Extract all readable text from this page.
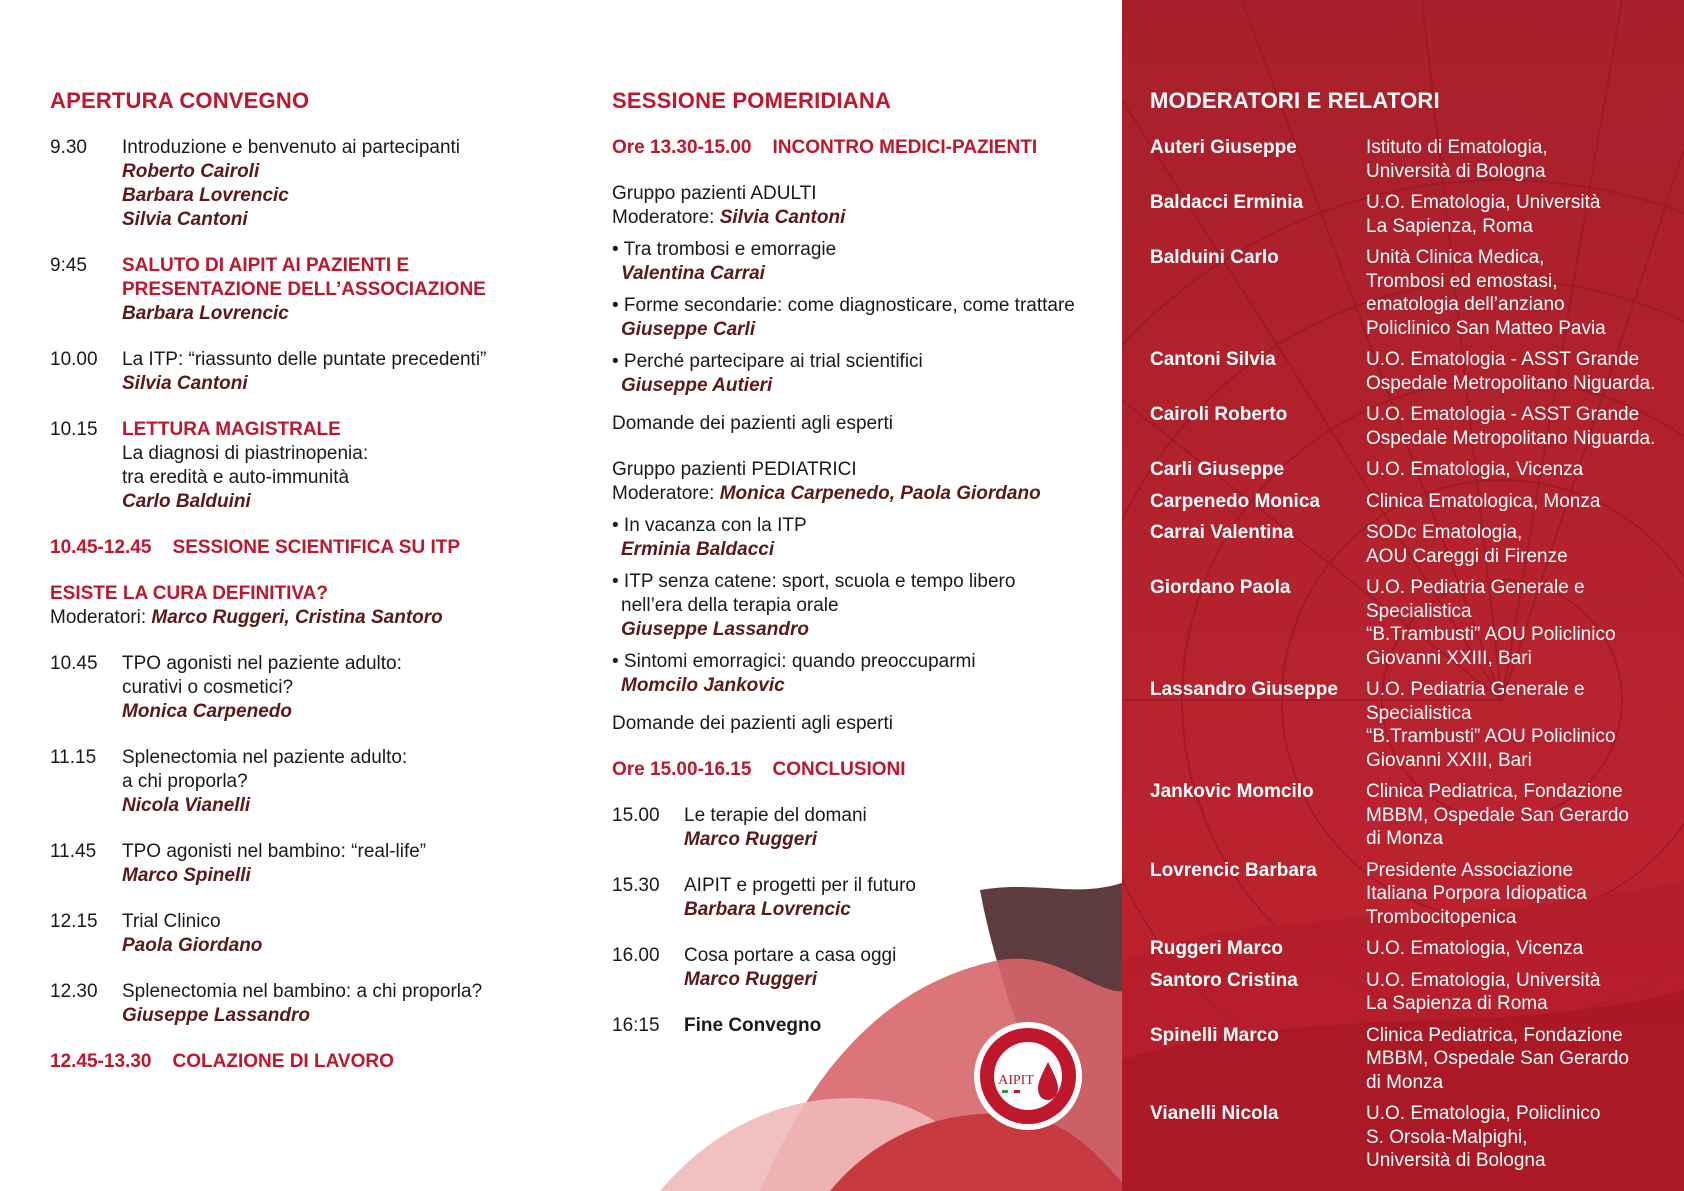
APERTURA CONVEGNO
9.30	Introduzione e benvenuto ai partecipanti
Roberto Cairoli
Barbara Lovrencic
Silvia Cantoni
9:45	SALUTO DI AIPIT AI PAZIENTI E PRESENTAZIONE DELL’ASSOCIAZIONE
Barbara Lovrencic
10.00	La ITP: “riassunto delle puntate precedenti”
Silvia Cantoni
10.15	LETTURA MAGISTRALE
La diagnosi di piastrinopenia:
tra eredità e auto-immunità
Carlo Balduini
10.45-12.45    SESSIONE SCIENTIFICA SU ITP
ESISTE LA CURA DEFINITIVA?
Moderatori: Marco Ruggeri, Cristina Santoro
10.45	TPO agonisti nel paziente adulto:
curativi o cosmetici?
Monica Carpenedo
11.15	Splenectomia nel paziente adulto:
a chi proporla?
Nicola Vianelli
11.45	TPO agonisti nel bambino: “real-life”
Marco Spinelli
12.15	Trial Clinico
Paola Giordano
12.30	Splenectomia nel bambino: a chi proporla?
Giuseppe Lassandro
12.45-13.30    COLAZIONE DI LAVORO
SESSIONE POMERIDIANA
Ore 13.30-15.00    INCONTRO MEDICI-PAZIENTI
Gruppo pazienti ADULTI
Moderatore: Silvia Cantoni
• Tra trombosi e emorragie
Valentina Carrai
• Forme secondarie: come diagnosticare, come trattare
Giuseppe Carli
• Perché partecipare ai trial scientifici
Giuseppe Autieri
Domande dei pazienti agli esperti
Gruppo pazienti PEDIATRICI
Moderatore: Monica Carpenedo, Paola Giordano
• In vacanza con la ITP
Erminia Baldacci
• ITP senza catene: sport, scuola e tempo libero
nell’era della terapia orale
Giuseppe Lassandro
• Sintomi emorragici: quando preoccuparmi
Momcilo Jankovic
Domande dei pazienti agli esperti
Ore 15.00-16.15    CONCLUSIONI
15.00	Le terapie del domani
Marco Ruggeri
15.30	AIPIT e progetti per il futuro
Barbara Lovrencic
16.00	Cosa portare a casa oggi
Marco Ruggeri
16:15	Fine Convegno
MODERATORI E RELATORI
Auteri Giuseppe	Istituto di Ematologia,
Università di Bologna
Baldacci Erminia	U.O. Ematologia, Università
La Sapienza, Roma
Balduini Carlo	Unità Clinica Medica,
Trombosi ed emostasi,
ematologia dell’anziano
Policlinico San Matteo Pavia
Cantoni Silvia	U.O. Ematologia - ASST Grande
Ospedale Metropolitano Niguarda.
Cairoli Roberto	U.O. Ematologia - ASST Grande
Ospedale Metropolitano Niguarda.
Carli Giuseppe	U.O. Ematologia, Vicenza
Carpenedo Monica	Clinica Ematologica, Monza
Carrai Valentina	SODc Ematologia,
AOU Careggi di Firenze
Giordano Paola	U.O. Pediatria Generale e Specialistica
“B.Trambusti” AOU Policlinico
Giovanni XXIII, Bari
Lassandro Giuseppe	U.O. Pediatria Generale e Specialistica
“B.Trambusti” AOU Policlinico
Giovanni XXIII, Bari
Jankovic Momcilo	Clinica Pediatrica, Fondazione
MBBM, Ospedale San Gerardo
di Monza
Lovrencic Barbara	Presidente Associazione
Italiana Porpora Idiopatica
Trombocitopenica
Ruggeri Marco	U.O. Ematologia, Vicenza
Santoro Cristina	U.O. Ematologia, Università
La Sapienza di Roma
Spinelli Marco	Clinica Pediatrica, Fondazione
MBBM, Ospedale San Gerardo
di Monza
Vianelli Nicola	U.O. Ematologia, Policlinico
S. Orsola-Malpighi,
Università di Bologna
AIPIT
